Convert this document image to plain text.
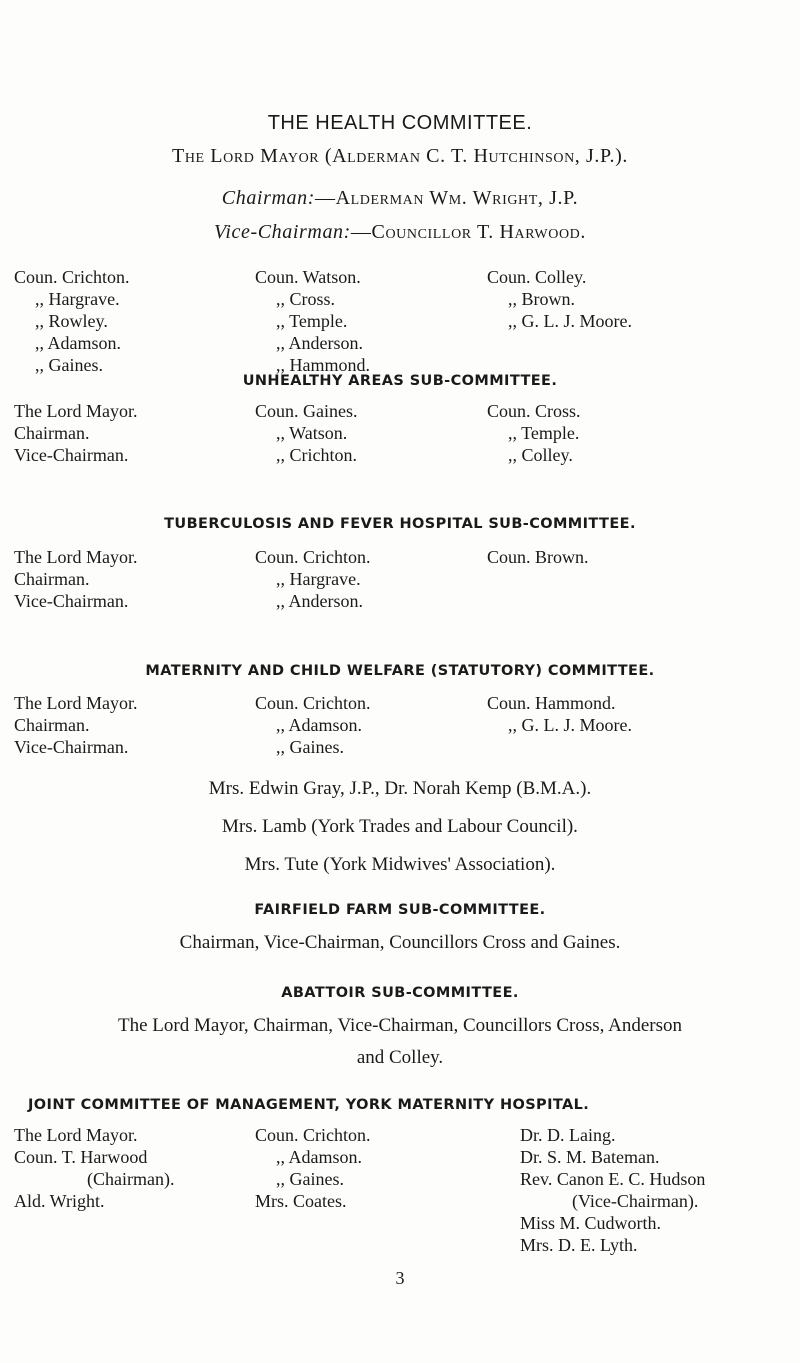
THE HEALTH COMMITTEE.
The Lord Mayor (Alderman C. T. Hutchinson, J.P.).
Chairman:—Alderman Wm. Wright, J.P.
Vice-Chairman:—Councillor T. Harwood.
Coun. Crichton.
,, Hargrave.
,, Rowley.
,, Adamson.
,, Gaines.
Coun. Watson.
,, Cross.
,, Temple.
,, Anderson.
,, Hammond.
Coun. Colley.
,, Brown.
,, G. L. J. Moore.
UNHEALTHY AREAS SUB-COMMITTEE.
The Lord Mayor.
Chairman.
Vice-Chairman.
Coun. Gaines.
,, Watson.
,, Crichton.
Coun. Cross.
,, Temple.
,, Colley.
TUBERCULOSIS AND FEVER HOSPITAL SUB-COMMITTEE.
The Lord Mayor.
Chairman.
Vice-Chairman.
Coun. Crichton.
,, Hargrave.
,, Anderson.
Coun. Brown.
MATERNITY AND CHILD WELFARE (STATUTORY) COMMITTEE.
The Lord Mayor.
Chairman.
Vice-Chairman.
Coun. Crichton.
,, Adamson.
,, Gaines.
Coun. Hammond.
,, G. L. J. Moore.
Mrs. Edwin Gray, J.P., Dr. Norah Kemp (B.M.A.).
Mrs. Lamb (York Trades and Labour Council).
Mrs. Tute (York Midwives' Association).
FAIRFIELD FARM SUB-COMMITTEE.
Chairman, Vice-Chairman, Councillors Cross and Gaines.
ABATTOIR SUB-COMMITTEE.
The Lord Mayor, Chairman, Vice-Chairman, Councillors Cross, Anderson
and Colley.
JOINT COMMITTEE OF MANAGEMENT, YORK MATERNITY HOSPITAL.
The Lord Mayor.
Coun. T. Harwood
(Chairman).
Ald. Wright.
Coun. Crichton.
,, Adamson.
,, Gaines.
Mrs. Coates.
Dr. D. Laing.
Dr. S. M. Bateman.
Rev. Canon E. C. Hudson
(Vice-Chairman).
Miss M. Cudworth.
Mrs. D. E. Lyth.
3
